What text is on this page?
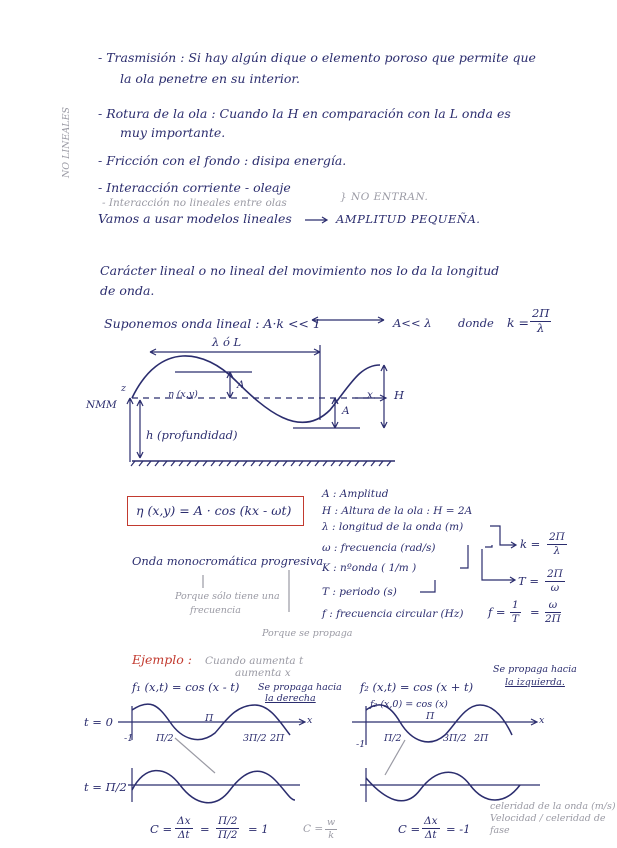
- Trasmisión : Si hay algún dique o elemento poroso que permite que
la ola penetre en su interior.
- Rotura de la ola : Cuando la H en comparación con la L onda es
muy importante.
- Fricción con el fondo : disipa energía.
- Interacción corriente - oleaje
- Interacción no lineales entre olas	} NO ENTRAN.
Vamos a usar modelos lineales	AMPLITUD PEQUEÑA.
NO LINEALES
Carácter lineal o no lineal del movimiento nos lo da la longitud
de onda.
Suponemos onda lineal : A·k << 1	A<< λ donde $k = \frac{2\Pi}{\lambda}$
λ ó L
z
NMM
η (x,y)
A
A
H
x
h (profundidad)
η (x,y) = A · cos (kx - ωt)
Onda monocromática progresiva
Porque sólo tiene una
frecuencia
Porque se propaga
A : Amplitud
H : Altura de la ola : H = 2A
λ : longitud de la onda (m)
ω : frecuencia (rad/s)
K : nºonda ( 1/m )
T : periodo (s)
f : frecuencia circular (Hz)
$k = \frac{2\Pi}{\lambda}$
$T = \frac{2\Pi}{\omega}$
$f = \frac{1}{T} = \frac{\omega}{2\Pi}$
Ejemplo : Cuando aumenta t
aumenta x
f₁ (x,t) = cos (x - t) Se propaga hacia
la derecha
f₂ (x,t) = cos (x + t)
Se propaga hacia
la izquierda.
f₂ (x,0) = cos (x)
t = 0
t = Π/2
-1 Π/2
Π
3Π/2 2Π
x
-1
Π/2
Π
3Π/2 2Π
x
$C = \frac{\Delta x}{\Delta t} = \frac{\Pi/2}{\Pi/2} = 1$	$C = \frac{w}{k}$	$C = \frac{\Delta x}{\Delta t} = -1$
celeridad de la onda (m/s)
Velocidad / celeridad de
fase
